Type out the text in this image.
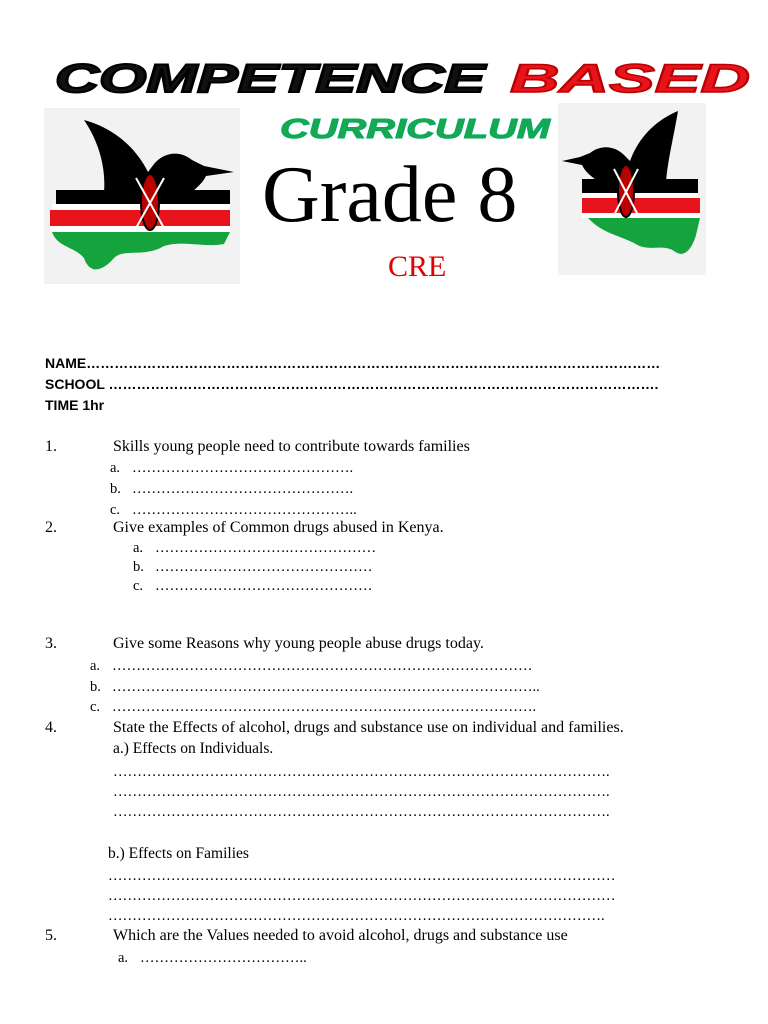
COMPETENCE BASED
CURRICULUM
Grade 8
CRE
NAME……………………………………………………………………………………………………………
SCHOOL ……………………………………………………………………………………………………….
TIME 1hr
1.	Skills young people need to contribute towards families
a. ……………………………………….
b. ……………………………………….
c. ………………………………………..
2.	Give examples of Common drugs abused in Kenya.
a. ……………………….………………
b. ………………………………………
c. ………………………………………
3.	Give some Reasons why young people abuse drugs today.
a. ……………………………………………………………………………
b. ……………………………………………………………………………..
c. …………………………………………………………………………….
4.	State the Effects of alcohol, drugs and substance use on individual and families.
a.) Effects on Individuals.
………………………………………………………………………………………….
………………………………………………………………………………………….
………………………………………………………………………………………….
b.) Effects on Families
……………………………………………………………………………………………
……………………………………………………………………………………………
………………………………………………………………………………………….
5.	Which are the Values needed to avoid alcohol, drugs and substance use
a. ……………………………..
